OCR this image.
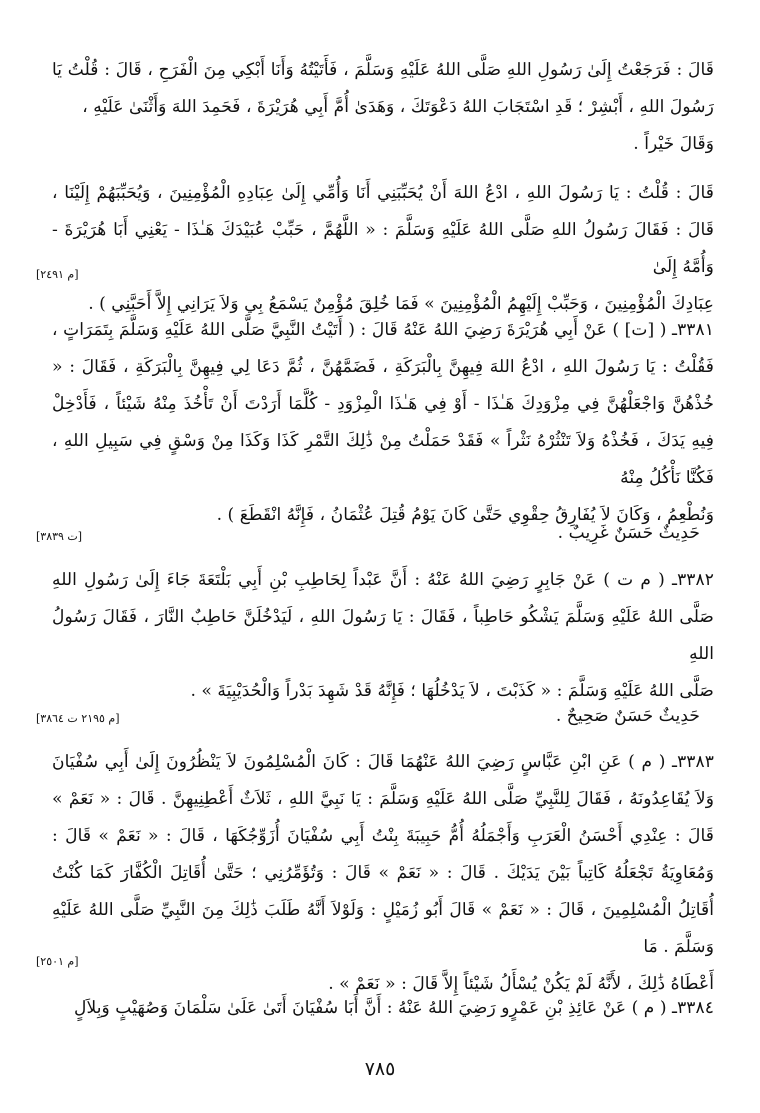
قَالَ : فَرَجَعْتُ إِلَىٰ رَسُولِ اللهِ صَلَّى اللهُ عَلَيْهِ وَسَلَّمَ ، فَأَتَيْتُهُ وَأَنَا أَبْكِي مِنَ الْفَرَحِ ، قَالَ : قُلْتُ يَا رَسُولَ اللهِ ، أَبْشِرْ ؛ قَدِ اسْتَجَابَ اللهُ دَعْوَتَكَ ، وَهَدَىٰ أُمَّ أَبِي هُرَيْرَةَ ، فَحَمِدَ اللهَ وَأَثْنَىٰ عَلَيْهِ ،
وَقَالَ خَيْراً .
قَالَ : قُلْتُ : يَا رَسُولَ اللهِ ، ادْعُ اللهَ أَنْ يُحَبِّبَنِي أَنَا وَأُمِّي إِلَىٰ عِبَادِهِ الْمُؤْمِنِينَ ، وَيُحَبِّبَهُمْ إِلَيْنَا ، قَالَ : فَقَالَ رَسُولُ اللهِ صَلَّى اللهُ عَلَيْهِ وَسَلَّمَ : « اللَّهُمَّ ، حَبِّبْ عُبَيْدَكَ هَـٰذَا - يَعْنِي أَبَا هُرَيْرَةَ - وَأُمَّهُ إِلَىٰ
عِبَادِكَ الْمُؤْمِنِينَ ، وَحَبِّبْ إِلَيْهِمُ الْمُؤْمِنِينَ » فَمَا خُلِقَ مُؤْمِنٌ يَسْمَعُ بِي وَلاَ يَرَانِي إِلاَّ أَحَبَّنِي ) .
[م ٢٤٩١]
٣٣٨١ـ ( [ت] ) عَنْ أَبِي هُرَيْرَةَ رَضِيَ اللهُ عَنْهُ قَالَ : ( أَتَيْتُ النَّبِيَّ صَلَّى اللهُ عَلَيْهِ وَسَلَّمَ بِتَمَرَاتٍ ، فَقُلْتُ : يَا رَسُولَ اللهِ ، ادْعُ اللهَ فِيهِنَّ بِالْبَرَكَةِ ، فَضَمَّهُنَّ ، ثُمَّ دَعَا لِي فِيهِنَّ بِالْبَرَكَةِ ، فَقَالَ : « خُذْهُنَّ وَاجْعَلْهُنَّ فِي مِزْوَدِكَ هَـٰذَا - أَوْ فِي هَـٰذَا الْمِزْوَدِ - كُلَّمَا أَرَدْتَ أَنْ تَأْخُذَ مِنْهُ شَيْئاً ، فَأَدْخِلْ فِيهِ يَدَكَ ، فَخُذْهُ وَلاَ تَنْثُرْهُ نَثْراً » فَقَدْ حَمَلْتُ مِنْ ذَٰلِكَ التَّمْرِ كَذَا وَكَذَا مِنْ وَسْقٍ فِي سَبِيلِ اللهِ ، فَكُنَّا نَأْكُلُ مِنْهُ
وَنُطْعِمُ ، وَكَانَ لاَ يُفَارِقُ حِقْوِي حَتَّىٰ كَانَ يَوْمُ قُتِلَ عُثْمَانُ ، فَإِنَّهُ انْقَطَعَ ) .
حَدِيثٌ حَسَنٌ غَرِيبٌ .
[ت ٣٨٣٩]
٣٣٨٢ـ ( م ت ) عَنْ جَابِرٍ رَضِيَ اللهُ عَنْهُ : أَنَّ عَبْداً لِحَاطِبِ بْنِ أَبِي بَلْتَعَةَ جَاءَ إِلَىٰ رَسُولِ اللهِ صَلَّى اللهُ عَلَيْهِ وَسَلَّمَ يَشْكُو حَاطِباً ، فَقَالَ : يَا رَسُولَ اللهِ ، لَيَدْخُلَنَّ حَاطِبٌ النَّارَ ، فَقَالَ رَسُولُ اللهِ
صَلَّى اللهُ عَلَيْهِ وَسَلَّمَ : « كَذَبْتَ ، لاَ يَدْخُلُهَا ؛ فَإِنَّهُ قَدْ شَهِدَ بَدْراً وَالْحُدَيْبِيَةَ » .
حَدِيثٌ حَسَنٌ صَحِيحٌ .
[م ٢١٩٥ ت ٣٨٦٤]
٣٣٨٣ـ ( م ) عَنِ ابْنِ عَبَّاسٍ رَضِيَ اللهُ عَنْهُمَا قَالَ : كَانَ الْمُسْلِمُونَ لاَ يَنْظُرُونَ إِلَىٰ أَبِي سُفْيَانَ وَلاَ يُقَاعِدُونَهُ ، فَقَالَ لِلنَّبِيِّ صَلَّى اللهُ عَلَيْهِ وَسَلَّمَ : يَا نَبِيَّ اللهِ ، ثَلاَثٌ أَعْطِنِيهِنَّ . قَالَ : « نَعَمْ » قَالَ : عِنْدِي أَحْسَنُ الْعَرَبِ وَأَجْمَلُهُ أُمُّ حَبِيبَةَ بِنْتُ أَبِي سُفْيَانَ أُزَوِّجُكَهَا ، قَالَ : « نَعَمْ » قَالَ : وَمُعَاوِيَةُ تَجْعَلُهُ كَاتِباً بَيْنَ يَدَيْكَ . قَالَ : « نَعَمْ » قَالَ : وَتُؤَمِّرُنِي ؛ حَتَّىٰ أُقَاتِلَ الْكُفَّارَ كَمَا كُنْتُ أُقَاتِلُ الْمُسْلِمِينَ ، قَالَ : « نَعَمْ » قَالَ أَبُو زُمَيْلٍ : وَلَوْلاَ أَنَّهُ طَلَبَ ذَٰلِكَ مِنَ النَّبِيِّ صَلَّى اللهُ عَلَيْهِ وَسَلَّمَ . مَا
أَعْطَاهُ ذَٰلِكَ ، لأَنَّهُ لَمْ يَكُنْ يُسْأَلُ شَيْئاً إِلاَّ قَالَ : « نَعَمْ » .
[م ٢٥٠١]
٣٣٨٤ـ ( م ) عَنْ عَائِذِ بْنِ عَمْرٍو رَضِيَ اللهُ عَنْهُ : أَنَّ أَبَا سُفْيَانَ أَتَىٰ عَلَىٰ سَلْمَانَ وَصُهَيْبٍ وَبِلاَلٍ
٧٨٥
